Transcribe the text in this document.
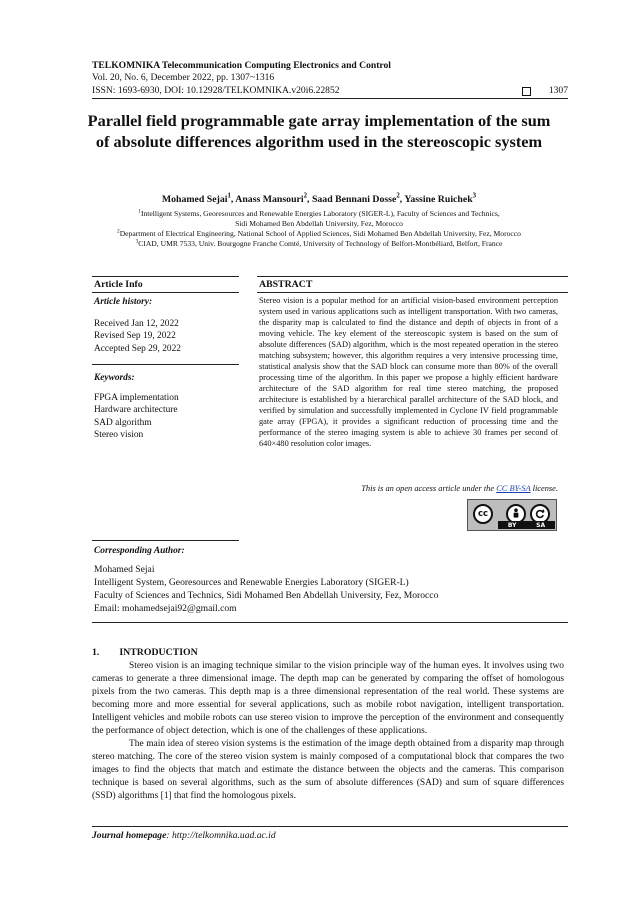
TELKOMNIKA Telecommunication Computing Electronics and Control
Vol. 20, No. 6, December 2022, pp. 1307~1316
ISSN: 1693-6930, DOI: 10.12928/TELKOMNIKA.v20i6.22852	1307
Parallel field programmable gate array implementation of the sum of absolute differences algorithm used in the stereoscopic system
Mohamed Sejai$^1$, Anass Mansouri$^2$, Saad Bennani Dosse$^2$, Yassine Ruichek$^3$
$^1$Intelligent Systems, Georesources and Renewable Energies Laboratory (SIGER-L), Faculty of Sciences and Technics,
Sidi Mohamed Ben Abdellah University, Fez, Morocco
$^2$Department of Electrical Engineering, National School of Applied Sciences, Sidi Mohamed Ben Abdellah University, Fez, Morocco
$^3$CIAD, UMR 7533, Univ. Bourgogne Franche Comté, University of Technology of Belfort-Montbéliard, Belfort, France
Article Info
Article history:
Received Jan 12, 2022
Revised Sep 19, 2022
Accepted Sep 29, 2022
Keywords:
FPGA implementation
Hardware architecture
SAD algorithm
Stereo vision
ABSTRACT
Stereo vision is a popular method for an artificial vision-based environment perception system used in various applications such as intelligent transportation. With two cameras, the disparity map is calculated to find the distance and depth of objects in front of a moving vehicle. The key element of the stereoscopic system is based on the sum of absolute differences (SAD) algorithm, which is the most repeated operation in the stereo matching subsystem; however, this algorithm requires a very intensive processing time, statistical analysis show that the SAD block can consume more than 80% of the overall processing time of the algorithm. In this paper we propose a highly efficient hardware architecture of the SAD algorithm for real time stereo matching, the proposed architecture is established by a hierarchical parallel architecture of the SAD block, and verified by simulation and successfully implemented in Cyclone IV field programmable gate array (FPGA), it provides a significant reduction of processing time and the performance of the stereo imaging system is able to achieve 30 frames per second of 640×480 resolution color images.
This is an open access article under the CC BY-SA license.
cc
BY	SA
Corresponding Author:
Mohamed Sejai
Intelligent System, Georesources and Renewable Energies Laboratory (SIGER-L)
Faculty of Sciences and Technics, Sidi Mohamed Ben Abdellah University, Fez, Morocco
Email: mohamedsejai92@gmail.com
1. INTRODUCTION

Stereo vision is an imaging technique similar to the vision principle way of the human eyes. It involves using two cameras to generate a three dimensional image. The depth map can be generated by comparing the offset of homologous pixels from the two cameras. This depth map is a three dimensional representation of the real world. These systems are becoming more and more essential for several applications, such as mobile robot navigation, intelligent transportation. Intelligent vehicles and mobile robots can use stereo vision to improve the perception of the environment and consequently the performance of object detection, which is one of the challenges of these applications.

The main idea of stereo vision systems is the estimation of the image depth obtained from a disparity map through stereo matching. The core of the stereo vision system is mainly composed of a computational block that compares the two images to find the objects that match and estimate the distance between the objects and the cameras. This comparison technique is based on several algorithms, such as the sum of absolute differences (SAD) and sum of square differences (SSD) algorithms [1] that find the homologous pixels.

Journal homepage: http://telkomnika.uad.ac.id
